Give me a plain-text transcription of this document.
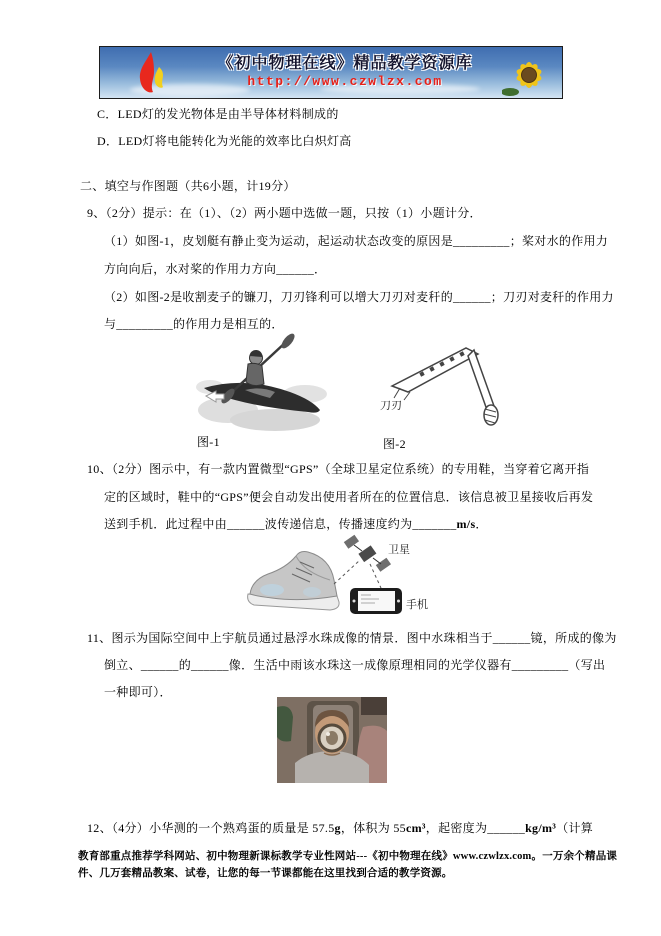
《初中物理在线》精品教学资源库
http://www.czwlzx.com
C．LED灯的发光物体是由半导体材料制成的
D．LED灯将电能转化为光能的效率比白炽灯高
二、填空与作图题（共6小题，计19分）
9、（2分）提示：在（1）、（2）两小题中选做一题，只按（1）小题计分．
（1）如图-1，皮划艇有静止变为运动，起运动状态改变的原因是_________；桨对水的作用力
方向向后，水对桨的作用力方向______．
（2）如图-2是收割麦子的镰刀，刀刃锋利可以增大刀刃对麦秆的______；刀刃对麦秆的作用力
与_________的作用力是相互的．
刀刃
图-1	图-2
10、（2分）图示中，有一款内置微型“GPS”（全球卫星定位系统）的专用鞋，当穿着它离开指
定的区域时，鞋中的“GPS”便会自动发出使用者所在的位置信息．该信息被卫星接收后再发
送到手机．此过程中由______波传递信息，传播速度约为_______m/s．
卫星
手机
11、图示为国际空间中上宇航员通过悬浮水珠成像的情景．图中水珠相当于______镜，所成的像为
倒立、______的______像．生活中雨该水珠这一成像原理相同的光学仪器有_________（写出
一种即可）．
12、（4分）小华测的一个熟鸡蛋的质量是 57.5g，体积为 55cm³，起密度为______kg/m³（计算
教育部重点推荐学科网站、初中物理新课标教学专业性网站---《初中物理在线》www.czwlzx.com。一万余个精品课
件、几万套精品教案、试卷，让您的每一节课都能在这里找到合适的教学资源。
